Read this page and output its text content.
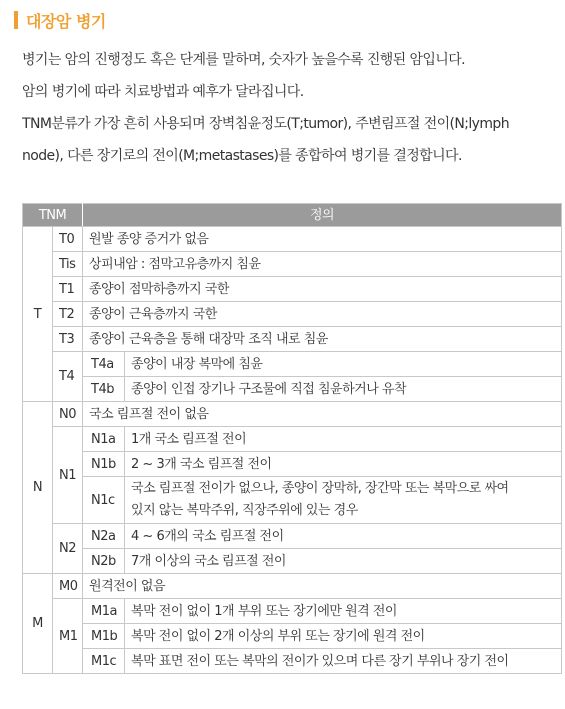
대장암 병기
병기는 암의 진행정도 혹은 단계를 말하며, 숫자가 높을수록 진행된 암입니다.
암의 병기에 따라 치료방법과 예후가 달라집니다.
TNM분류가 가장 흔히 사용되며 장벽침윤정도(T;tumor), 주변림프절 전이(N;lymph
node), 다른 장기로의 전이(M;metastases)를 종합하여 병기를 결정합니다.
TNM		정의	
T	T0	원발 종양 증거가 없음	
	Tis	상피내암 : 점막고유층까지 침윤	
	T1	종양이 점막하층까지 국한	
	T2	종양이 근육층까지 국한	
	T3	종양이 근육층을 통해 대장막 조직 내로 침윤	
	T4	T4a	종양이 내장 복막에 침윤
		T4b	종양이 인접 장기나 구조물에 직접 침윤하거나 유착
N	N0	국소 림프절 전이 없음	
	N1	N1a	1개 국소 림프절 전이
		N1b	2 ~ 3개 국소 림프절 전이
		N1c	국소 림프절 전이가 없으나, 종양이 장막하, 장간막 또는 복막으로 싸여
있지 않는 복막주위, 직장주위에 있는 경우

	N2	N2a	4 ~ 6개의 국소 림프절 전이
		N2b	7개 이상의 국소 림프절 전이
M	M0	원격전이 없음	
	M1	M1a	복막 전이 없이 1개 부위 또는 장기에만 원격 전이
		M1b	복막 전이 없이 2개 이상의 부위 또는 장기에 원격 전이
		M1c	복막 표면 전이 또는 복막의 전이가 있으며 다른 장기 부위나 장기 전이
